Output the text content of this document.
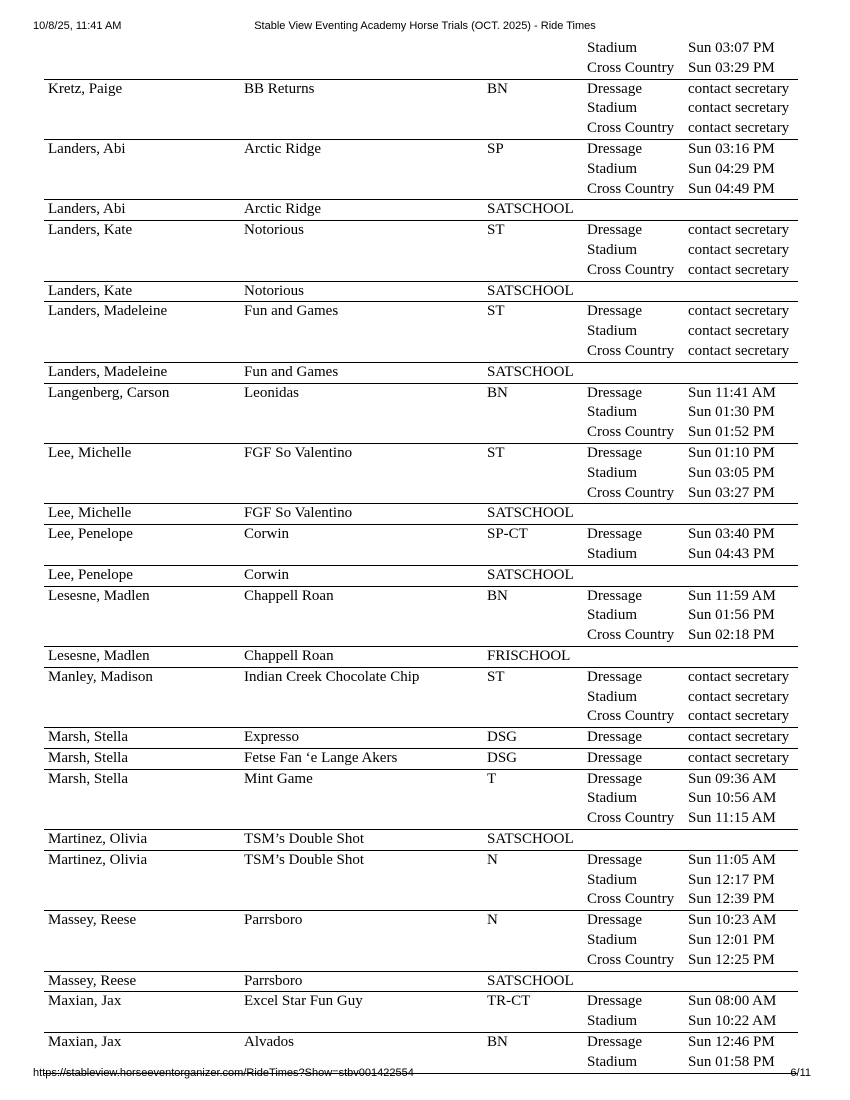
10/8/25, 11:41 AM	Stable View Eventing Academy Horse Trials (OCT. 2025) - Ride Times
Stadium	Sun 03:07 PM
Cross Country Sun 03:29 PM
Kretz, Paige	BB Returns	BN	Dressage	contact secretary
Stadium	contact secretary
Cross Country contact secretary
Landers, Abi	Arctic Ridge	SP	Dressage	Sun 03:16 PM
Stadium	Sun 04:29 PM
Cross Country Sun 04:49 PM
Landers, Abi	Arctic Ridge	SATSCHOOL
Landers, Kate	Notorious	ST	Dressage	contact secretary
Stadium	contact secretary
Cross Country contact secretary
Landers, Kate	Notorious	SATSCHOOL
Landers, Madeleine	Fun and Games	ST	Dressage	contact secretary
Stadium	contact secretary
Cross Country contact secretary
Landers, Madeleine	Fun and Games	SATSCHOOL
Langenberg, Carson	Leonidas	BN	Dressage	Sun 11:41 AM
Stadium	Sun 01:30 PM
Cross Country Sun 01:52 PM
Lee, Michelle	FGF So Valentino	ST	Dressage	Sun 01:10 PM
Stadium	Sun 03:05 PM
Cross Country Sun 03:27 PM
Lee, Michelle	FGF So Valentino	SATSCHOOL
Lee, Penelope	Corwin	SP-CT	Dressage	Sun 03:40 PM
Stadium	Sun 04:43 PM
Lee, Penelope	Corwin	SATSCHOOL
Lesesne, Madlen	Chappell Roan	BN	Dressage	Sun 11:59 AM
Stadium	Sun 01:56 PM
Cross Country Sun 02:18 PM
Lesesne, Madlen	Chappell Roan	FRISCHOOL
Manley, Madison	Indian Creek Chocolate Chip	ST	Dressage	contact secretary
Stadium	contact secretary
Cross Country contact secretary
Marsh, Stella	Expresso	DSG	Dressage	contact secretary
Marsh, Stella	Fetse Fan ‘e Lange Akers	DSG	Dressage	contact secretary
Marsh, Stella	Mint Game	T	Dressage	Sun 09:36 AM
Stadium	Sun 10:56 AM
Cross Country Sun 11:15 AM
Martinez, Olivia	TSM’s Double Shot	SATSCHOOL
Martinez, Olivia	TSM’s Double Shot	N	Dressage	Sun 11:05 AM
Stadium	Sun 12:17 PM
Cross Country Sun 12:39 PM
Massey, Reese	Parrsboro	N	Dressage	Sun 10:23 AM
Stadium	Sun 12:01 PM
Cross Country Sun 12:25 PM
Massey, Reese	Parrsboro	SATSCHOOL
Maxian, Jax	Excel Star Fun Guy	TR-CT	Dressage	Sun 08:00 AM
Stadium	Sun 10:22 AM
Maxian, Jax	Alvados	BN	Dressage	Sun 12:46 PM
Stadium	Sun 01:58 PM
https://stableview.horseeventorganizer.com/RideTimes?Show=stbv001422554	6/11
